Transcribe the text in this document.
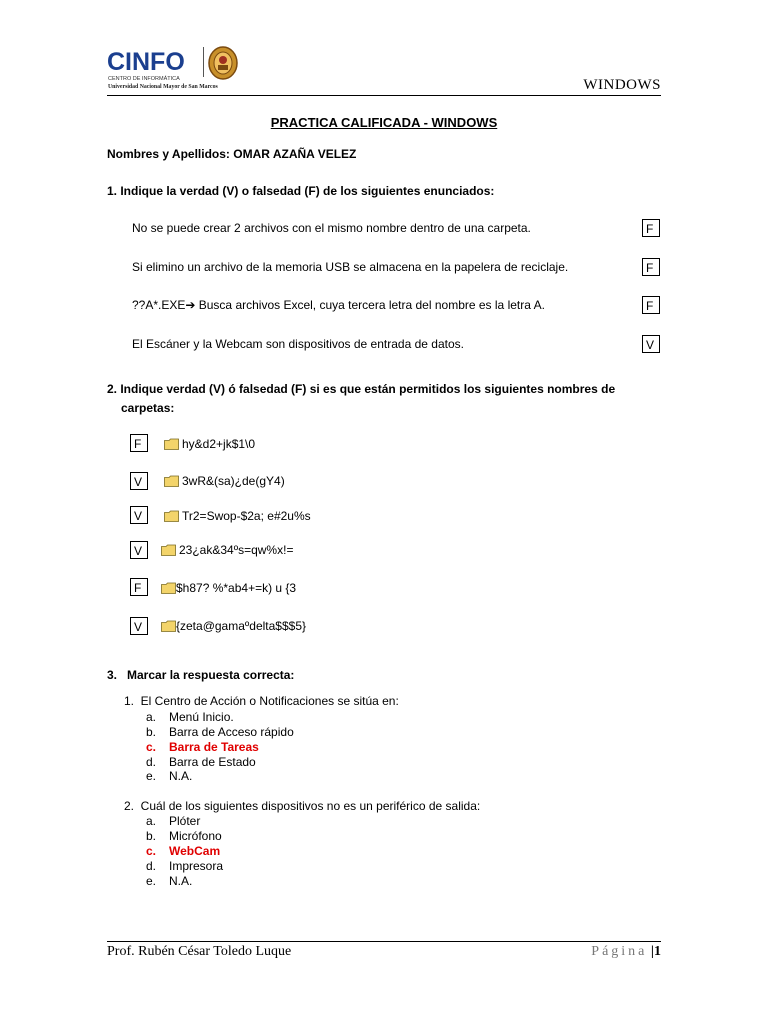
CINFO
CENTRO DE INFORMÁTICA
Universidad Nacional Mayor de San Marcos	WINDOWS
PRACTICA CALIFICADA - WINDOWS
Nombres y Apellidos: OMAR AZAÑA VELEZ
1. Indique la verdad (V) o falsedad (F) de los siguientes enunciados:
No se puede crear 2 archivos con el mismo nombre dentro de una carpeta.	F
Si elimino un archivo de la memoria USB se almacena en la papelera de reciclaje.	F
??A*.EXE➔ Busca archivos Excel, cuya tercera letra del nombre es la letra A.	F
El Escáner y la Webcam son dispositivos de entrada de datos.	V
2. Indique verdad (V) ó falsedad (F) si es que están permitidos los siguientes nombres de
carpetas:
F	hy&d2+jk$1\0
V	3wR&(sa)¿de(gY4)
V	Tr2=Swop-$2a; e#2u%s
V	23¿ak&34ºs=qw%x!=
F	$h87? %*ab4+=k) u {3
V	{zeta@gamaºdelta$$$5}
3.   Marcar la respuesta correcta:
1.  El Centro de Acción o Notificaciones se sitúa en:
a. Menú Inicio.
b. Barra de Acceso rápido
c. Barra de Tareas
d. Barra de Estado
e. N.A.
2.  Cuál de los siguientes dispositivos no es un periférico de salida:
a. Plóter
b. Micrófono
c. WebCam
d. Impresora
e. N.A.
Prof. Rubén César Toledo Luque	Página |1
